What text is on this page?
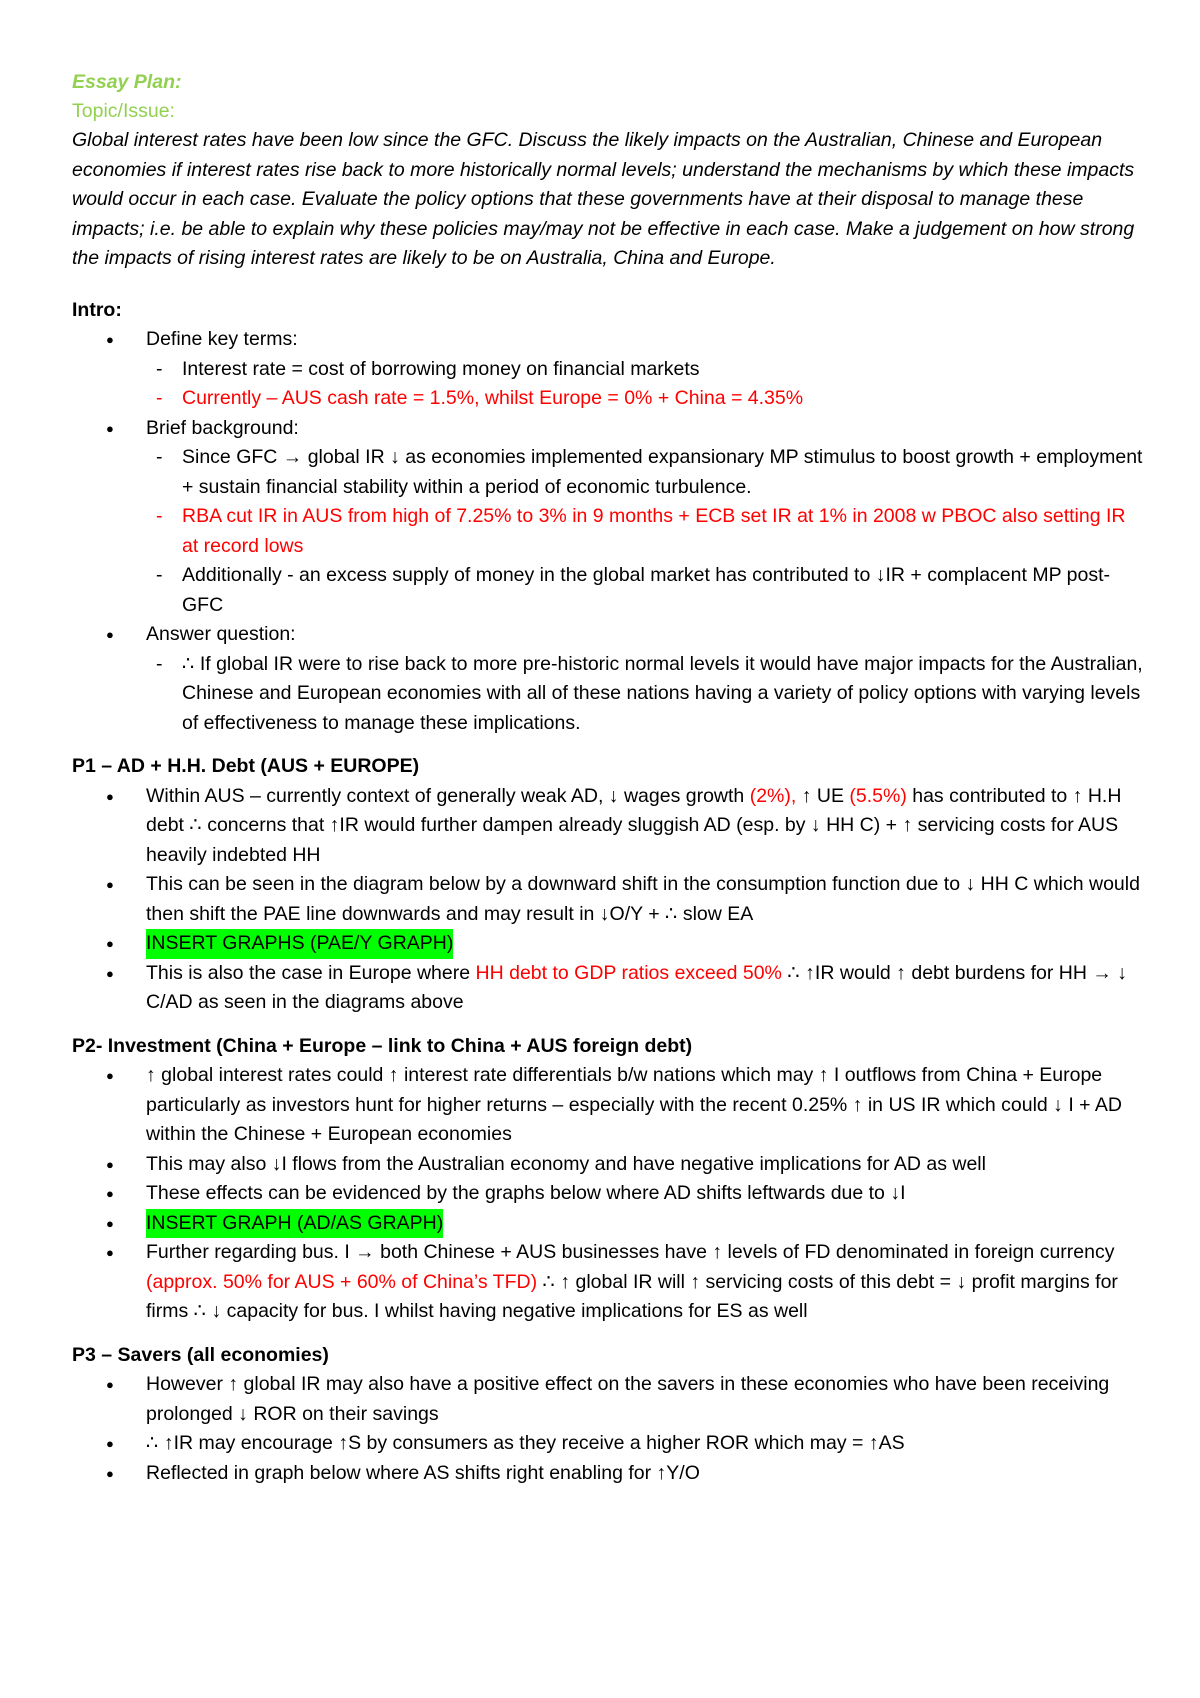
Essay Plan:
Topic/Issue:

Global interest rates have been low since the GFC. Discuss the likely impacts on the Australian, Chinese and European economies if interest rates rise back to more historically normal levels; understand the mechanisms by which these impacts would occur in each case. Evaluate the policy options that these governments have at their disposal to manage these impacts; i.e. be able to explain why these policies may/may not be effective in each case. Make a judgement on how strong the impacts of rising interest rates are likely to be on Australia, China and Europe.

Intro:
● Define key terms:
- Interest rate = cost of borrowing money on financial markets
- Currently – AUS cash rate = 1.5%, whilst Europe = 0% + China = 4.35%
● Brief background:
- Since GFC → global IR ↓ as economies implemented expansionary MP stimulus to boost growth + employment + sustain financial stability within a period of economic turbulence.
- RBA cut IR in AUS from high of 7.25% to 3% in 9 months + ECB set IR at 1% in 2008 w PBOC also setting IR at record lows
- Additionally - an excess supply of money in the global market has contributed to ↓IR + complacent MP post-GFC
● Answer question:
- ∴ If global IR were to rise back to more pre-historic normal levels it would have major impacts for the Australian, Chinese and European economies with all of these nations having a variety of policy options with varying levels of effectiveness to manage these implications.
P1 – AD + H.H. Debt (AUS + EUROPE)
● Within AUS – currently context of generally weak AD, ↓ wages growth (2%), ↑ UE (5.5%) has contributed to ↑ H.H debt ∴ concerns that ↑IR would further dampen already sluggish AD (esp. by ↓ HH C) + ↑ servicing costs for AUS heavily indebted HH
● This can be seen in the diagram below by a downward shift in the consumption function due to ↓ HH C which would then shift the PAE line downwards and may result in ↓O/Y + ∴ slow EA
● INSERT GRAPHS (PAE/Y GRAPH)
● This is also the case in Europe where HH debt to GDP ratios exceed 50% ∴ ↑IR would ↑ debt burdens for HH → ↓ C/AD as seen in the diagrams above
P2- Investment (China + Europe – link to China + AUS foreign debt)
● ↑ global interest rates could ↑ interest rate differentials b/w nations which may ↑ I outflows from China + Europe particularly as investors hunt for higher returns – especially with the recent 0.25% ↑ in US IR which could ↓ I + AD within the Chinese + European economies
● This may also ↓I flows from the Australian economy and have negative implications for AD as well
● These effects can be evidenced by the graphs below where AD shifts leftwards due to ↓I
● INSERT GRAPH (AD/AS GRAPH)
● Further regarding bus. I → both Chinese + AUS businesses have ↑ levels of FD denominated in foreign currency (approx. 50% for AUS + 60% of China’s TFD) ∴ ↑ global IR will ↑ servicing costs of this debt = ↓ profit margins for firms ∴ ↓ capacity for bus. I whilst having negative implications for ES as well
P3 – Savers (all economies)
● However ↑ global IR may also have a positive effect on the savers in these economies who have been receiving prolonged ↓ ROR on their savings
● ∴ ↑IR may encourage ↑S by consumers as they receive a higher ROR which may = ↑AS
● Reflected in graph below where AS shifts right enabling for ↑Y/O
